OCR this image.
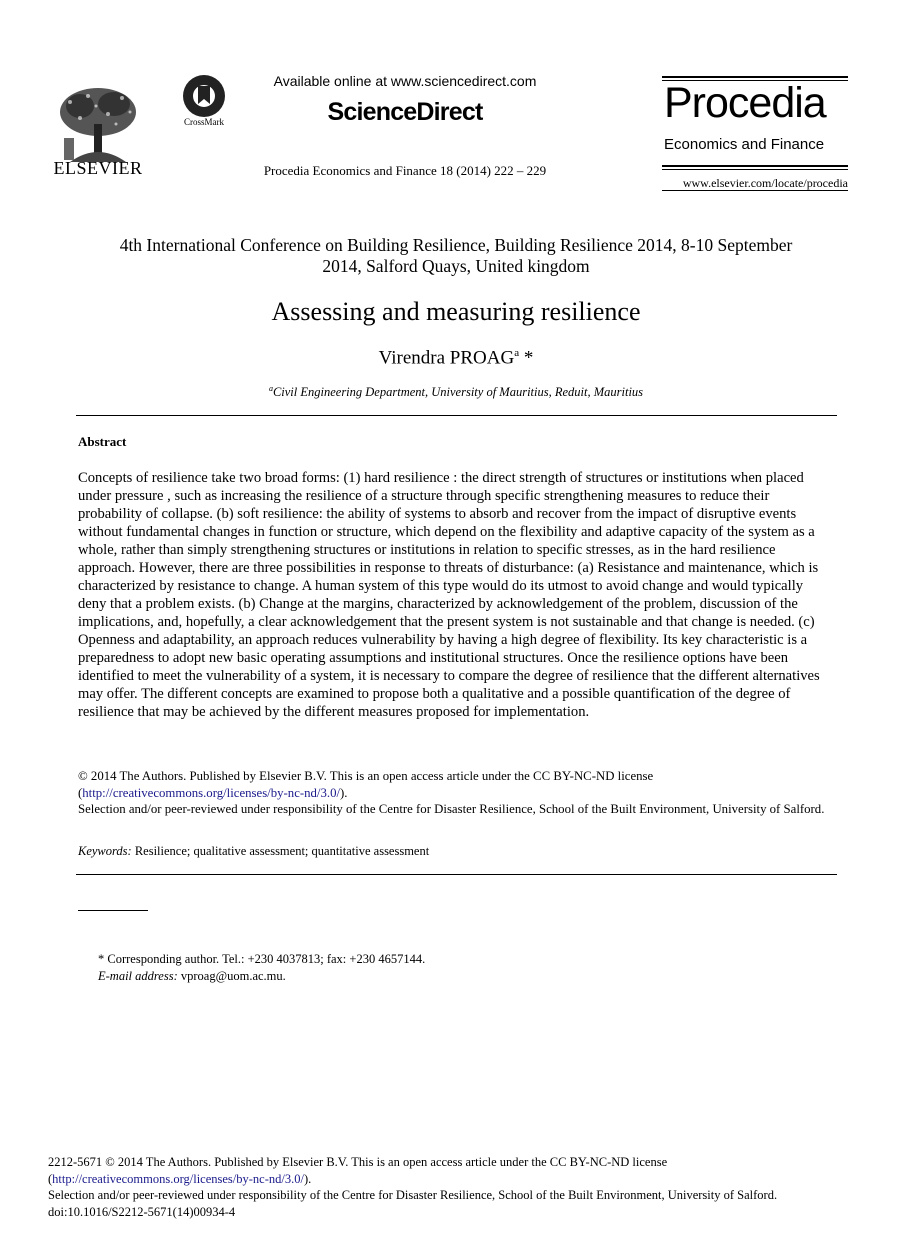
ELSEVIER
CrossMark
Available online at www.sciencedirect.com
ScienceDirect
Procedia Economics and Finance 18 (2014) 222 – 229
Procedia
Economics and Finance
www.elsevier.com/locate/procedia
4th International Conference on Building Resilience, Building Resilience 2014, 8-10 September
2014, Salford Quays, United kingdom
Assessing and measuring resilience
Virendra PROAG$^a$ *
$^a$Civil Engineering Department, University of Mauritius, Reduit, Mauritius
Abstract
Concepts of resilience take two broad forms: (1) hard resilience : the direct strength of structures or institutions when placed under pressure , such as increasing the resilience of a structure through specific strengthening measures to reduce their probability of collapse. (b) soft resilience: the ability of systems to absorb and recover from the impact of disruptive events without fundamental changes in function or structure, which depend on the flexibility and adaptive capacity of the system as a whole, rather than simply strengthening structures or institutions in relation to specific stresses, as in the hard resilience approach. However, there are three possibilities in response to threats of disturbance: (a) Resistance and maintenance, which is characterized by resistance to change. A human system of this type would do its utmost to avoid change and would typically deny that a problem exists. (b) Change at the margins, characterized by acknowledgement of the problem, discussion of the implications, and, hopefully, a clear acknowledgement that the present system is not sustainable and that change is needed. (c) Openness and adaptability, an approach reduces vulnerability by having a high degree of flexibility. Its key characteristic is a preparedness to adopt new basic operating assumptions and institutional structures. Once the resilience options have been identified to meet the vulnerability of a system, it is necessary to compare the degree of resilience that the different alternatives may offer. The different concepts are examined to propose both a qualitative and a possible quantification of the degree of resilience that may be achieved by the different measures proposed for implementation.
© 2014 The Authors. Published by Elsevier B.V. This is an open access article under the CC BY-NC-ND license
(http://creativecommons.org/licenses/by-nc-nd/3.0/).
Selection and/or peer-reviewed under responsibility of the Centre for Disaster Resilience, School of the Built Environment, University of Salford.
Keywords: Resilience; qualitative assessment; quantitative assessment
* Corresponding author. Tel.: +230 4037813; fax: +230 4657144.
E-mail address: vproag@uom.ac.mu.
2212-5671 © 2014 The Authors. Published by Elsevier B.V. This is an open access article under the CC BY-NC-ND license
(http://creativecommons.org/licenses/by-nc-nd/3.0/).
Selection and/or peer-reviewed under responsibility of the Centre for Disaster Resilience, School of the Built Environment, University of Salford.
doi:10.1016/S2212-5671(14)00934-4
